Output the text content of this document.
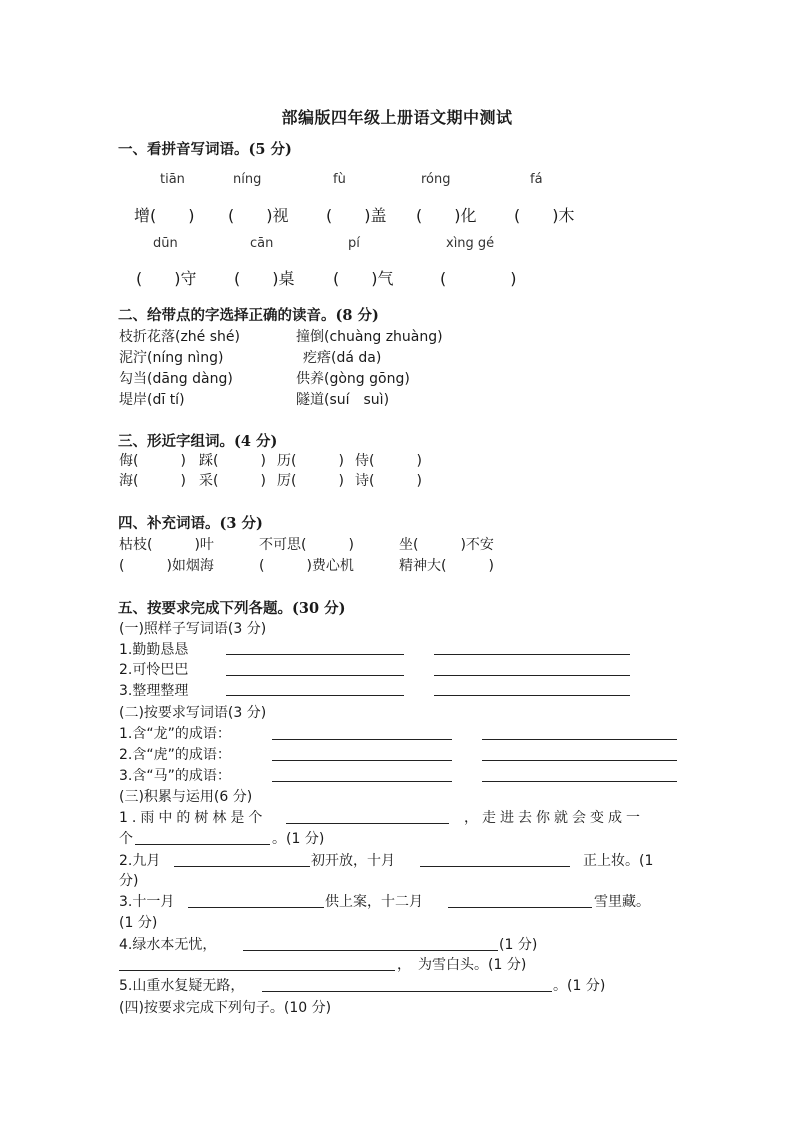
部编版四年级上册语文期中测试
一、看拼音写词语。(5 分)
tiān	níng	fù	róng	fá
增(　　) (　　)视 (　　)盖 (　　)化 (　　)木
dūn	cān	pí	xìng gé
(　　)守 (　　)桌 (　　)气	(　　　　)
二、给带点的字选择正确的读音。(8 分)
枝折花落(zhé shé)	撞倒(chuàng zhuàng)
泥泞(níng nìng)	疙瘩(dá da)
勾当(dāng dàng)	供养(gòng gōng)
堤岸(dī tí)	隧道(suí　suì)
三、形近字组词。(4 分)
侮(　　　) 踩(　　　) 历(　　　) 侍(　　　)
海(　　　) 采(　　　) 厉(　　　) 诗(　　　)
四、补充词语。(3 分)
枯枝(　　　)叶	不可思(　　　)	坐(　　　)不安
(　　　)如烟海	(　　　)费心机	精神大(　　　)
五、按要求完成下列各题。(30 分)
(一)照样子写词语(3 分)
1.勤勤恳恳
2.可怜巴巴
3.整理整理
(二)按要求写词语(3 分)
1.含“龙”的成语：
2.含“虎”的成语：
3.含“马”的成语：
(三)积累与运用(6 分)
1.雨中的树林是个	，走进去你就会变成一
个	。(1 分)
2.九月	初开放，十月	正上妆。(1
分)
3.十一月	供上案，十二月	雪里藏。
(1 分)
4.绿水本无忧，	(1 分)
， 为雪白头。(1 分)
5.山重水复疑无路，	。(1 分)
(四)按要求完成下列句子。(10 分)
